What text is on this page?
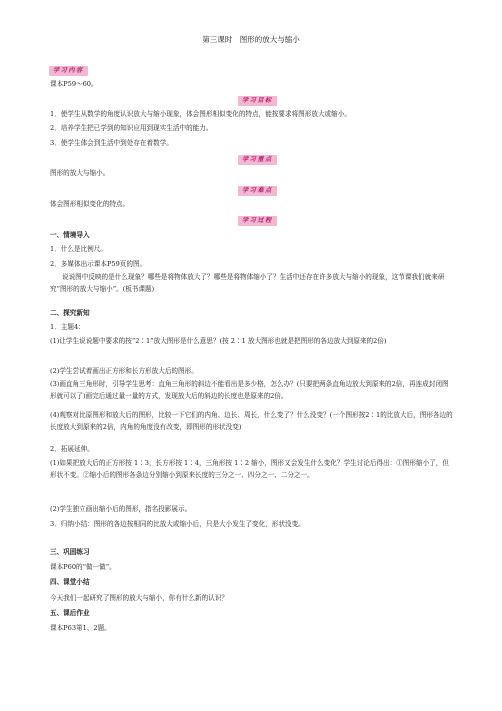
第三课时　图形的放大与缩小
学习内容
课本P59～60。
学习目标
1．使学生从数学的角度认识放大与缩小现象，体会图形相似变化的特点，能按要求将图形放大或缩小。
2．培养学生把已学到的知识应用到现实生活中的能力。
3．使学生体会到生活中到处存在着数学。
学习重点
图形的放大与缩小。
学习难点
体会图形相似变化的特点。
学习过程
一、情境导入
1．什么是比例尺。
2．多媒体出示课本P59页的图。
说说图中反映的是什么现象？哪些是将物体放大了？哪些是将物体缩小了？生活中还存在许多放大与缩小的现象，这节课我们就来研究“图形的放大与缩小”。(板书课题)
二、探究新知
1．主题4：
(1)让学生说说题中要求的按“2∶1”放大图形是什么意思？(按 2∶1 放大图形也就是把图形的各边放大到原来的2倍)
(2)学生尝试着画出正方形和长方形放大后的图形。
(3)画直角三角形时，引导学生思考：直角三角形的斜边不能看出是多少格，怎么办？(只要把两条直角边放大到原来的2倍，再连成封闭图形就可以了)画完后通过量一量的方式，发现放大后的斜边的长度也是原来的2倍。
(4)观察对比原图形和放大后的图形，比较一下它们的内角、边长、周长，什么变了？什么没变？(一个图形按2∶1的比放大后，图形各边的长度放大到原来的2倍，内角的角度没有改变，即图形的形状没变)
2．拓展延伸。
(1)如果把放大后的正方形按 1∶3，长方形按 1∶4，三角形按 1∶2 缩小，图形又会发生什么变化？学生讨论后得出：①图形缩小了，但形状不变。②缩小后的图形各条边分别缩小到原来长度的三分之一、四分之一、二分之一。
(2)学生独立画出缩小后的图形，指名投影展示。
3．归纳小结：图形的各边按相同的比放大或缩小后，只是大小发生了变化，形状没变。
三、巩固练习
课本P60的“做一做”。
四、课堂小结
今天我们一起研究了图形的放大与缩小，你有什么新的认识？
五、课后作业
课本P63第1、2题。
